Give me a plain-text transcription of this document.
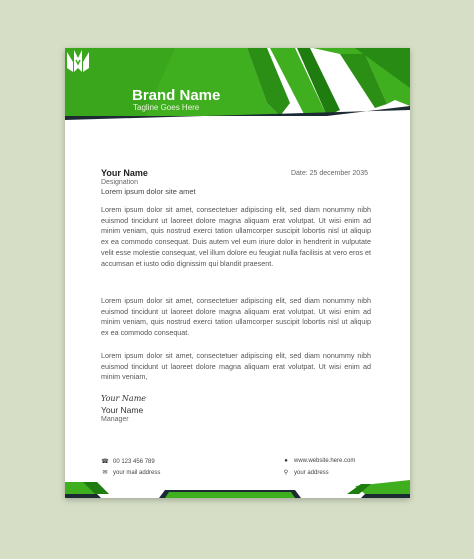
Brand Name
Tagline Goes Here
Your Name	Date: 25 december 2035
Designation
Lorem ipsum dolor site amet
Lorem ipsum dolor sit amet, consectetuer adipiscing elit, sed diam nonummy nibh euismod tincidunt ut laoreet dolore magna aliquam erat volutpat. Ut wisi enim ad minim veniam, quis nostrud exerci tation ullamcorper suscipit lobortis nisl ut aliquip ex ea commodo consequat. Duis autem vel eum iriure dolor in hendrerit in vulputate velit esse molestie consequat, vel illum dolore eu feugiat nulla facilisis at vero eros et accumsan et iusto odio dignissim qui blandit praesent.
Lorem ipsum dolor sit amet, consectetuer adipiscing elit, sed diam nonummy nibh euismod tincidunt ut laoreet dolore magna aliquam erat volutpat. Ut wisi enim ad minim veniam, quis nostrud exerci tation ullamcorper suscipit lobortis nisl ut aliquip ex ea commodo consequat.
Lorem ipsum dolor sit amet, consectetuer adipiscing elit, sed diam nonummy nibh euismod tincidunt ut laoreet dolore magna aliquam erat volutpat. Ut wisi enim ad minim veniam,
Your Name
Your Name
Manager
☎ 00 123 456 789
✉ your mail address
●	www.website.here.com
⚲ your address
